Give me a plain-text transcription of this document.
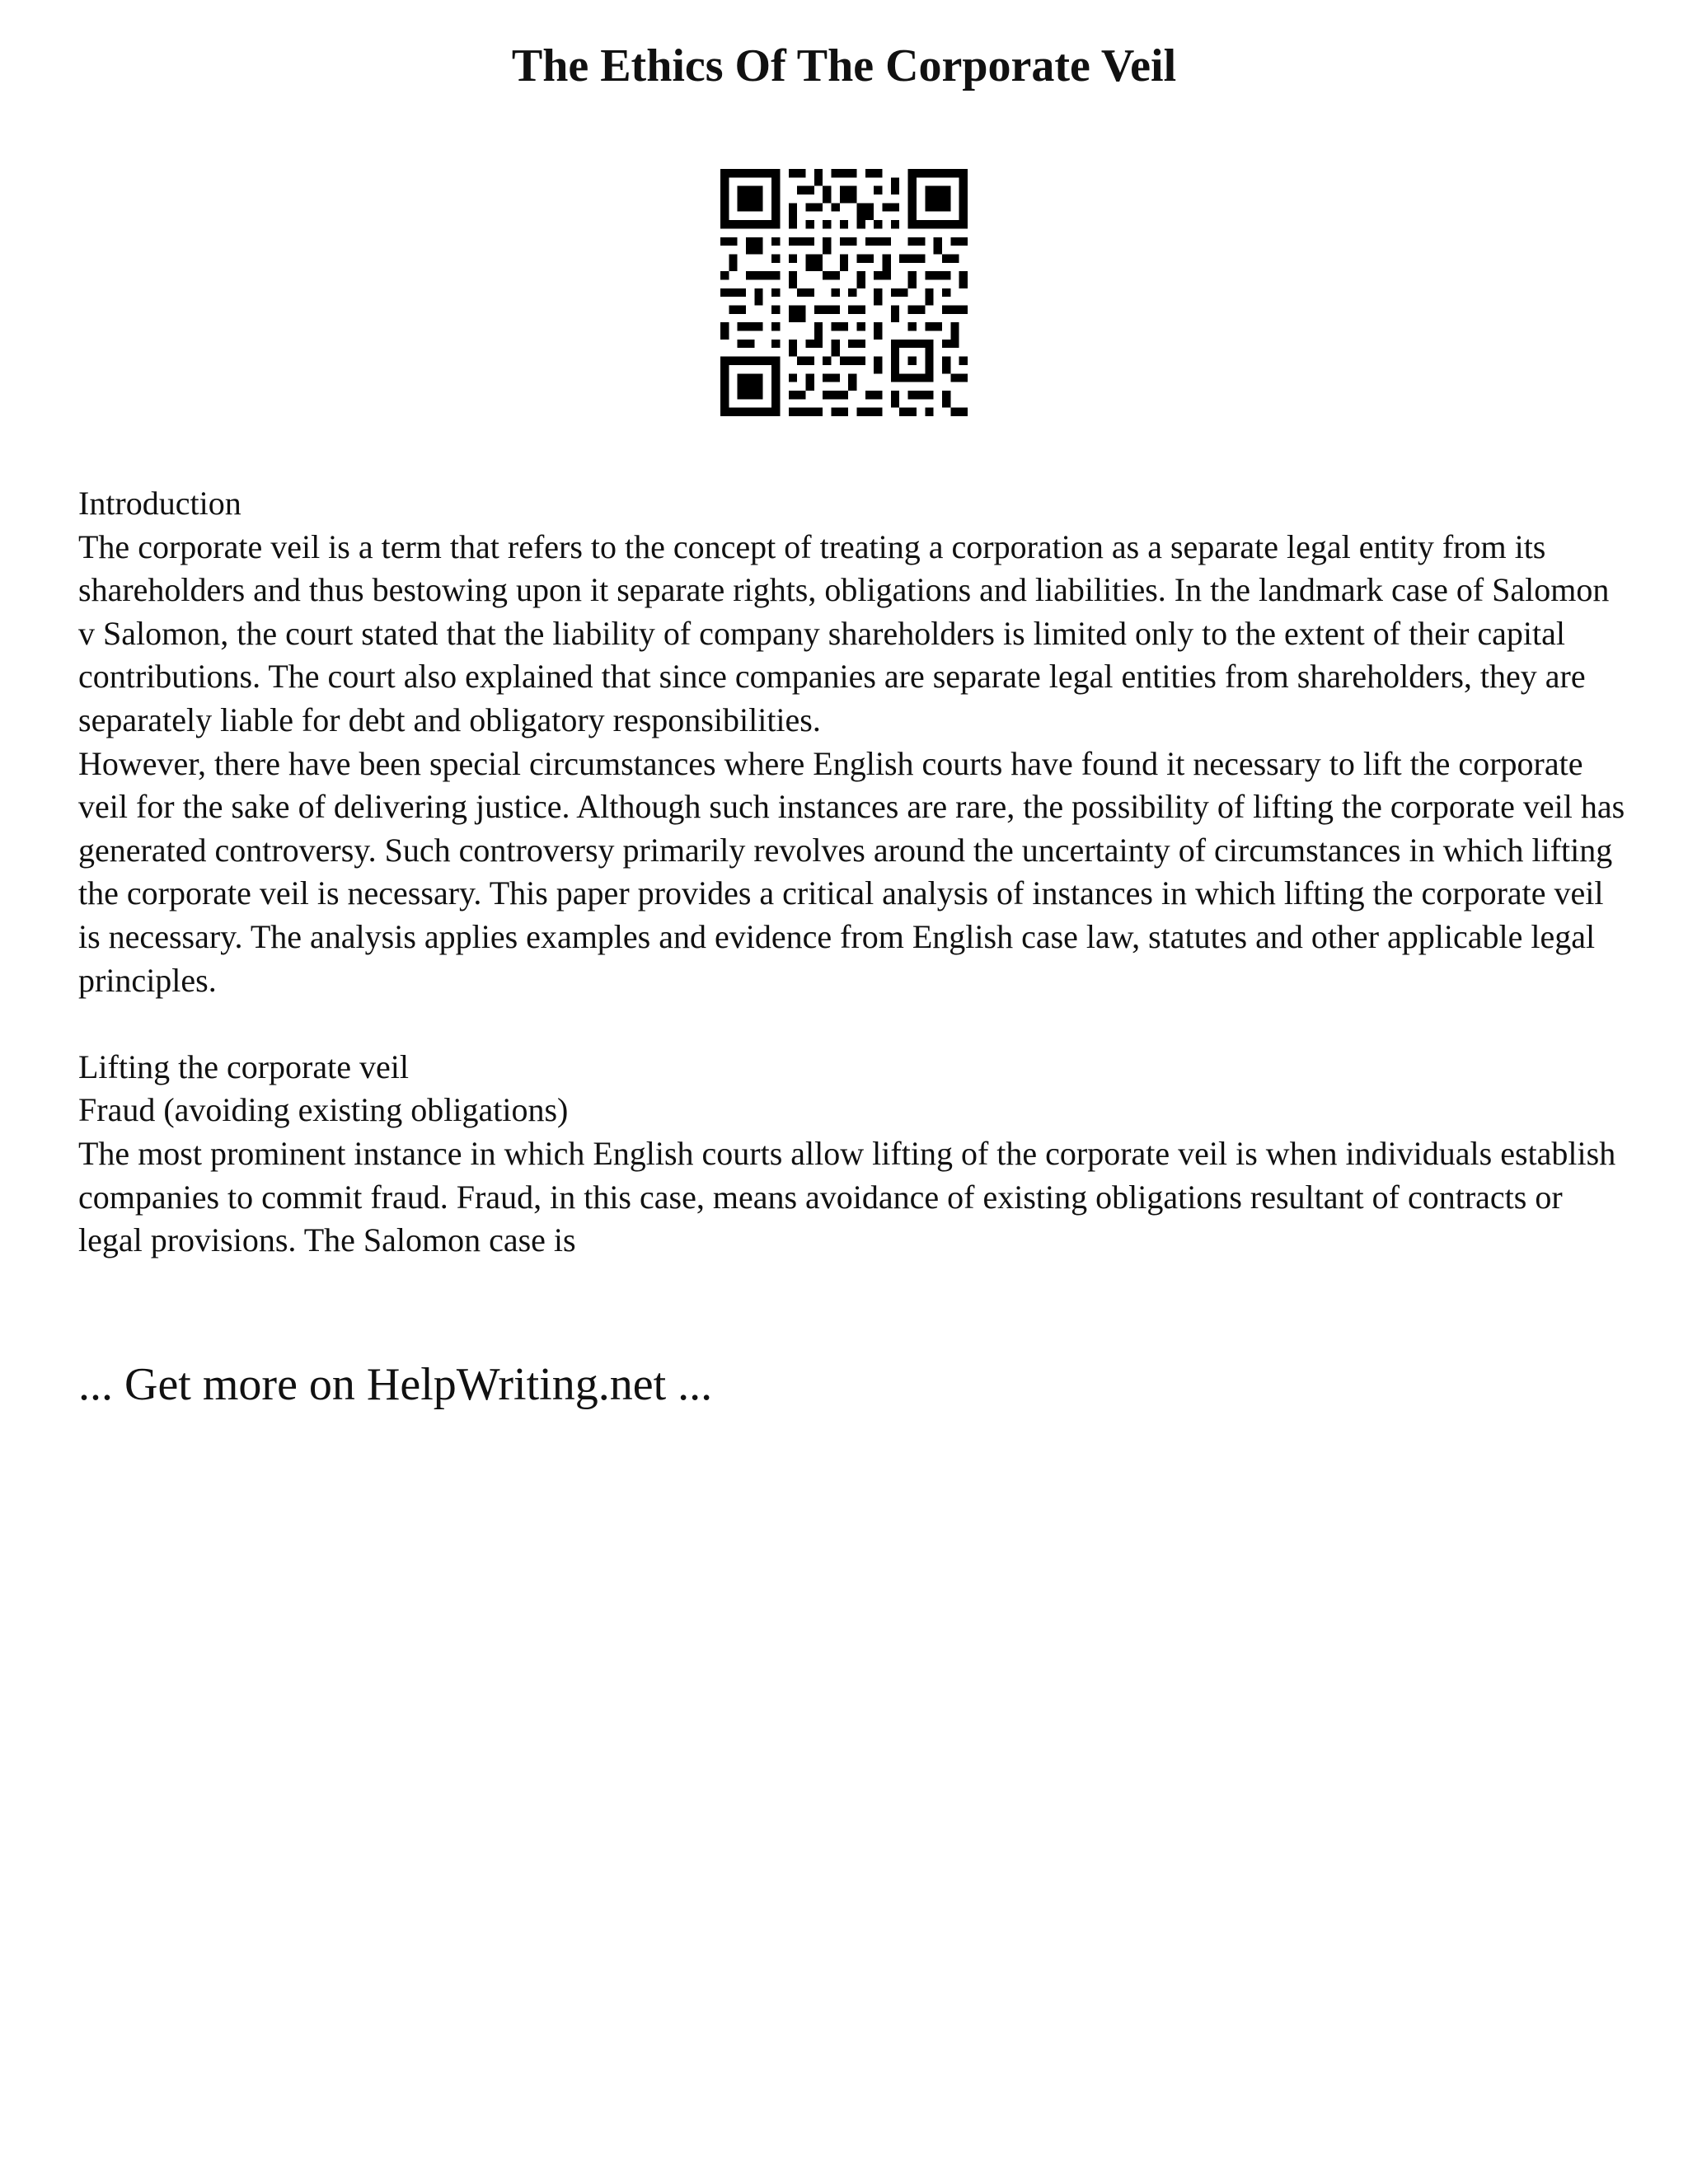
The Ethics Of The Corporate Veil

Introduction

The corporate veil is a term that refers to the concept of treating a corporation as a separate legal entity from its shareholders and thus bestowing upon it separate rights, obligations and liabilities. In the landmark case of Salomon v Salomon, the court stated that the liability of company shareholders is limited only to the extent of their capital contributions. The court also explained that since companies are separate legal entities from shareholders, they are separately liable for debt and obligatory responsibilities.

However, there have been special circumstances where English courts have found it necessary to lift the corporate veil for the sake of delivering justice. Although such instances are rare, the possibility of lifting the corporate veil has generated controversy. Such controversy primarily revolves around the uncertainty of circumstances in which lifting the corporate veil is necessary. This paper provides a critical analysis of instances in which lifting the corporate veil is necessary. The analysis applies examples and evidence from English case law, statutes and other applicable legal principles.

Lifting the corporate veil

Fraud (avoiding existing obligations)

The most prominent instance in which English courts allow lifting of the corporate veil is when individuals establish companies to commit fraud. Fraud, in this case, means avoidance of existing obligations resultant of contracts or legal provisions. The Salomon case is

... Get more on HelpWriting.net ...
